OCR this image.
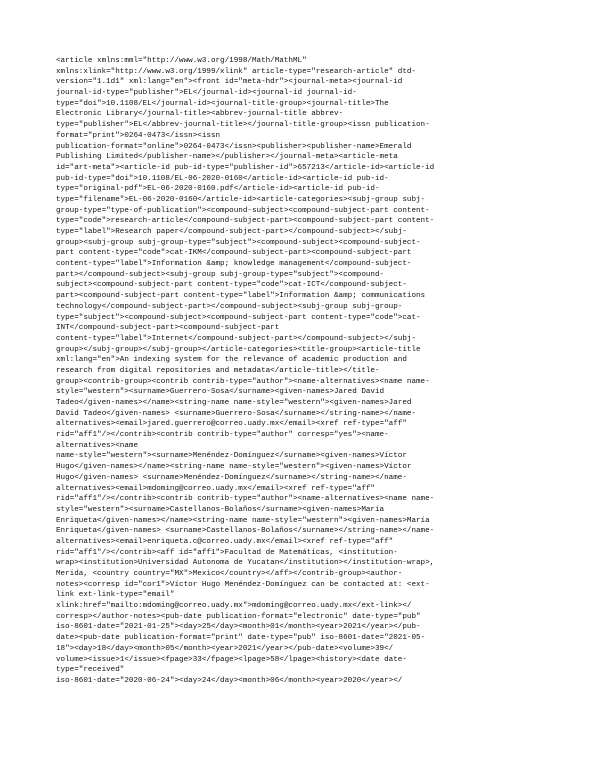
<article xmlns:mml="http://www.w3.org/1998/Math/MathML"
xmlns:xlink="http://www.w3.org/1999/xlink" article-type="research-article" dtd-
version="1.1d1" xml:lang="en"><front id="meta-hdr"><journal-meta><journal-id
journal-id-type="publisher">EL</journal-id><journal-id journal-id-
type="doi">10.1108/EL</journal-id><journal-title-group><journal-title>The
Electronic Library</journal-title><abbrev-journal-title abbrev-
type="publisher">EL</abbrev-journal-title></journal-title-group><issn publication-
format="print">0264-0473</issn><issn
publication-format="online">0264-0473</issn><publisher><publisher-name>Emerald
Publishing Limited</publisher-name></publisher></journal-meta><article-meta
id="art-meta"><article-id pub-id-type="publisher-id">657213</article-id><article-id
pub-id-type="doi">10.1108/EL-06-2020-0160</article-id><article-id pub-id-
type="original-pdf">EL-06-2020-0160.pdf</article-id><article-id pub-id-
type="filename">EL-06-2020-0160</article-id><article-categories><subj-group subj-
group-type="type-of-publication"><compound-subject><compound-subject-part content-
type="code">research-article</compound-subject-part><compound-subject-part content-
type="label">Research paper</compound-subject-part></compound-subject></subj-
group><subj-group subj-group-type="subject"><compound-subject><compound-subject-
part content-type="code">cat-IKM</compound-subject-part><compound-subject-part
content-type="label">Information &amp; knowledge management</compound-subject-
part></compound-subject><subj-group subj-group-type="subject"><compound-
subject><compound-subject-part content-type="code">cat-ICT</compound-subject-
part><compound-subject-part content-type="label">Information &amp; communications
technology</compound-subject-part></compound-subject><subj-group subj-group-
type="subject"><compound-subject><compound-subject-part content-type="code">cat-
INT</compound-subject-part><compound-subject-part
content-type="label">Internet</compound-subject-part></compound-subject></subj-
group></subj-group></subj-group></article-categories><title-group><article-title
xml:lang="en">An indexing system for the relevance of academic production and
research from digital repositories and metadata</article-title></title-
group><contrib-group><contrib contrib-type="author"><name-alternatives><name name-
style="western"><surname>Guerrero-Sosa</surname><given-names>Jared David
Tadeo</given-names></name><string-name name-style="western"><given-names>Jared
David Tadeo</given-names> <surname>Guerrero-Sosa</surname></string-name></name-
alternatives><email>jared.guerrero@correo.uady.mx</email><xref ref-type="aff"
rid="aff1"/></contrib><contrib contrib-type="author" corresp="yes"><name-
alternatives><name
name-style="western"><surname>Menéndez-Domínguez</surname><given-names>Víctor
Hugo</given-names></name><string-name name-style="western"><given-names>Víctor
Hugo</given-names> <surname>Menéndez-Domínguez</surname></string-name></name-
alternatives><email>mdoming@correo.uady.mx</email><xref ref-type="aff"
rid="aff1"/></contrib><contrib contrib-type="author"><name-alternatives><name name-
style="western"><surname>Castellanos-Bolaños</surname><given-names>María
Enriqueta</given-names></name><string-name name-style="western"><given-names>María
Enriqueta</given-names> <surname>Castellanos-Bolaños</surname></string-name></name-
alternatives><email>enriqueta.c@correo.uady.mx</email><xref ref-type="aff"
rid="aff1"/></contrib><aff id="aff1">Facultad de Matemáticas, <institution-
wrap><institution>Universidad Autonoma de Yucatan</institution></institution-wrap>,
Merida, <country country="MX">Mexico</country></aff></contrib-group><author-
notes><corresp id="cor1">Víctor Hugo Menéndez-Domínguez can be contacted at: <ext-
link ext-link-type="email"
xlink:href="mailto:mdoming@correo.uady.mx">mdoming@correo.uady.mx</ext-link></
corresp></author-notes><pub-date publication-format="electronic" date-type="pub"
iso-8601-date="2021-01-25"><day>25</day><month>01</month><year>2021</year></pub-
date><pub-date publication-format="print" date-type="pub" iso-8601-date="2021-05-
18"><day>18</day><month>05</month><year>2021</year></pub-date><volume>39</
volume><issue>1</issue><fpage>33</fpage><lpage>58</lpage><history><date date-
type="received"
iso-8601-date="2020-06-24"><day>24</day><month>06</month><year>2020</year></
